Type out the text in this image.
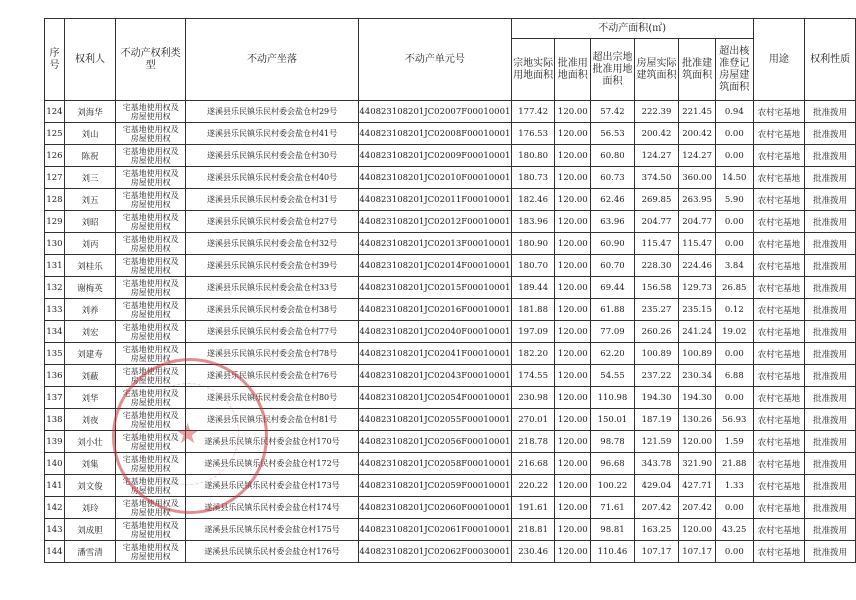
序号	权利人	不动产权利类型	不动产坐落	不动产单元号	不动产面积(㎡)						用途	权利性质
					宗地实际用地面积	批准用地面积	超出宗地批准用地面积	房屋实际建筑面积	批准建筑面积	超出核准登记房屋建筑面积		
124	刘海华	宅基地使用权及房屋使用权	遂溪县乐民镇乐民村委会盐仓村29号	440823108201JC02007F00010001	177.42	120.00	57.42	222.39	221.45	0.94	农村宅基地	批准拨用
125	刘山	宅基地使用权及房屋使用权	遂溪县乐民镇乐民村委会盐仓村41号	440823108201JC02008F00010001	176.53	120.00	56.53	200.42	200.42	0.00	农村宅基地	批准拨用
126	陈祝	宅基地使用权及房屋使用权	遂溪县乐民镇乐民村委会盐仓村30号	440823108201JC02009F00010001	180.80	120.00	60.80	124.27	124.27	0.00	农村宅基地	批准拨用
127	刘三	宅基地使用权及房屋使用权	遂溪县乐民镇乐民村委会盐仓村40号	440823108201JC02010F00010001	180.73	120.00	60.73	374.50	360.00	14.50	农村宅基地	批准拨用
128	刘五	宅基地使用权及房屋使用权	遂溪县乐民镇乐民村委会盐仓村31号	440823108201JC02011F00010001	182.46	120.00	62.46	269.85	263.95	5.90	农村宅基地	批准拨用
129	刘昭	宅基地使用权及房屋使用权	遂溪县乐民镇乐民村委会盐仓村27号	440823108201JC02012F00010001	183.96	120.00	63.96	204.77	204.77	0.00	农村宅基地	批准拨用
130	刘丙	宅基地使用权及房屋使用权	遂溪县乐民镇乐民村委会盐仓村32号	440823108201JC02013F00010001	180.90	120.00	60.90	115.47	115.47	0.00	农村宅基地	批准拨用
131	刘桂乐	宅基地使用权及房屋使用权	遂溪县乐民镇乐民村委会盐仓村39号	440823108201JC02014F00010001	180.70	120.00	60.70	228.30	224.46	3.84	农村宅基地	批准拨用
132	谢梅英	宅基地使用权及房屋使用权	遂溪县乐民镇乐民村委会盐仓村33号	440823108201JC02015F00010001	189.44	120.00	69.44	156.58	129.73	26.85	农村宅基地	批准拨用
133	刘养	宅基地使用权及房屋使用权	遂溪县乐民镇乐民村委会盐仓村38号	440823108201JC02016F00010001	181.88	120.00	61.88	235.27	235.15	0.12	农村宅基地	批准拨用
134	刘宏	宅基地使用权及房屋使用权	遂溪县乐民镇乐民村委会盐仓村77号	440823108201JC02040F00010001	197.09	120.00	77.09	260.26	241.24	19.02	农村宅基地	批准拨用
135	刘建寿	宅基地使用权及房屋使用权	遂溪县乐民镇乐民村委会盐仓村78号	440823108201JC02041F00010001	182.20	120.00	62.20	100.89	100.89	0.00	农村宅基地	批准拨用
136	刘蔽	宅基地使用权及房屋使用权	遂溪县乐民镇乐民村委会盐仓村76号	440823108201JC02043F00010001	174.55	120.00	54.55	237.22	230.34	6.88	农村宅基地	批准拨用
137	刘华	宅基地使用权及房屋使用权	遂溪县乐民镇乐民村委会盐仓村80号	440823108201JC02054F00010001	230.98	120.00	110.98	194.30	194.30	0.00	农村宅基地	批准拨用
138	刘夜	宅基地使用权及房屋使用权	遂溪县乐民镇乐民村委会盐仓村81号	440823108201JC02055F00010001	270.01	120.00	150.01	187.19	130.26	56.93	农村宅基地	批准拨用
139	刘小壮	宅基地使用权及房屋使用权	遂溪县乐民镇乐民村委会盐仓村170号	440823108201JC02056F00010001	218.78	120.00	98.78	121.59	120.00	1.59	农村宅基地	批准拨用
140	刘集	宅基地使用权及房屋使用权	遂溪县乐民镇乐民村委会盐仓村172号	440823108201JC02058F00010001	216.68	120.00	96.68	343.78	321.90	21.88	农村宅基地	批准拨用
141	刘文俊	宅基地使用权及房屋使用权	遂溪县乐民镇乐民村委会盐仓村173号	440823108201JC02059F00010001	220.22	120.00	100.22	429.04	427.71	1.33	农村宅基地	批准拨用
142	刘玲	宅基地使用权及房屋使用权	遂溪县乐民镇乐民村委会盐仓村174号	440823108201JC02060F00010001	191.61	120.00	71.61	207.42	207.42	0.00	农村宅基地	批准拨用
143	刘成胆	宅基地使用权及房屋使用权	遂溪县乐民镇乐民村委会盐仓村175号	440823108201JC02061F00010001	218.81	120.00	98.81	163.25	120.00	43.25	农村宅基地	批准拨用
144	潘雪清	宅基地使用权及房屋使用权	遂溪县乐民镇乐民村委会盐仓村176号	440823108201JC02062F00030001	230.46	120.00	110.46	107.17	107.17	0.00	农村宅基地	批准拨用
★
